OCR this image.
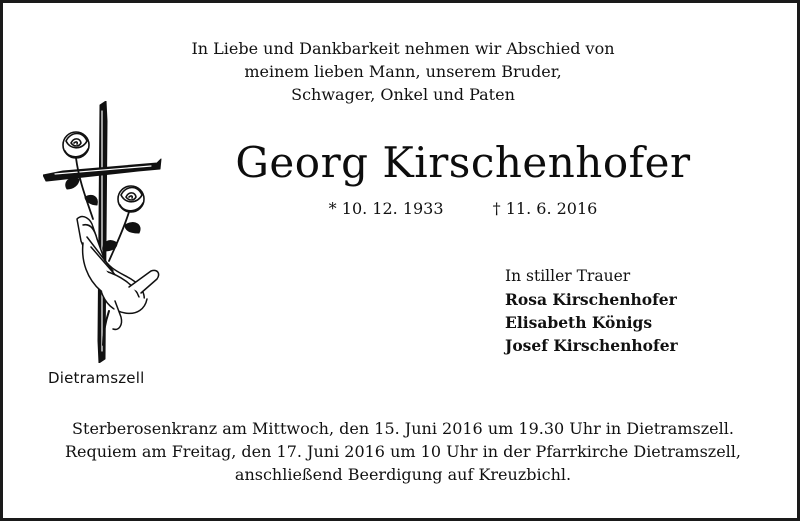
In Liebe und Dankbarkeit nehmen wir Abschied von
meinem lieben Mann, unserem Bruder,
Schwager, Onkel und Paten
Dietramszell
Georg Kirschenhofer
* 10. 12. 1933	† 11. 6. 2016
In stiller Trauer
Rosa Kirschenhofer
Elisabeth Königs
Josef Kirschenhofer
Sterberosenkranz am Mittwoch, den 15. Juni 2016 um 19.30 Uhr in Dietramszell.
Requiem am Freitag, den 17. Juni 2016 um 10 Uhr in der Pfarrkirche Dietramszell,
anschließend Beerdigung auf Kreuzbichl.
